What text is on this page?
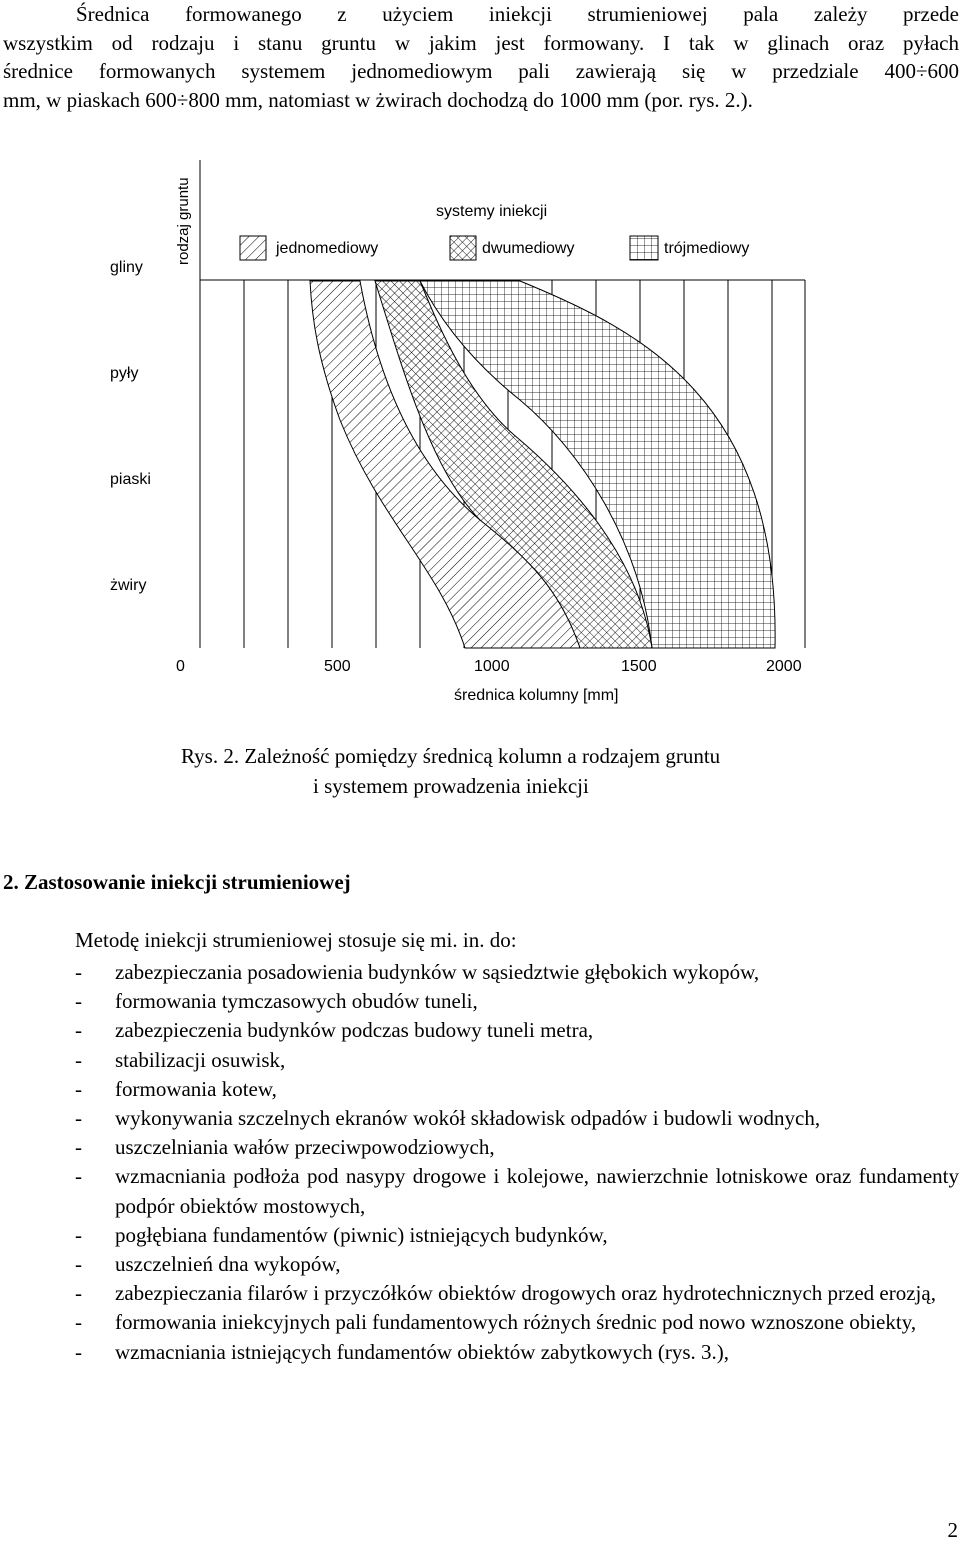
Średnica formowanego z użyciem iniekcji strumieniowej pala zależy przede
wszystkim od rodzaju i stanu gruntu w jakim jest formowany. I tak w glinach oraz pyłach
średnice formowanych systemem jednomediowym pali zawierają się w przedziale 400÷600
mm, w piaskach 600÷800 mm, natomiast w żwirach dochodzą do 1000 mm (por. rys. 2.).
rodzaj gruntu
gliny
pyły
piaski
żwiry
systemy iniekcji
jednomediowy	dwumediowy	trójmediowy
0	500	1000	1500	2000
średnica kolumny [mm]
Rys. 2. Zależność pomiędzy średnicą kolumn a rodzajem gruntu
i systemem prowadzenia iniekcji
2. Zastosowanie iniekcji strumieniowej
Metodę iniekcji strumieniowej stosuje się mi. in. do:
- zabezpieczania posadowienia budynków w sąsiedztwie głębokich wykopów,
- formowania tymczasowych obudów tuneli,
- zabezpieczenia budynków podczas budowy tuneli metra,
- stabilizacji osuwisk,
- formowania kotew,
- wykonywania szczelnych ekranów wokół składowisk odpadów i budowli wodnych,
- uszczelniania wałów przeciwpowodziowych,
- wzmacniania podłoża pod nasypy drogowe i kolejowe, nawierzchnie lotniskowe oraz fundamenty podpór obiektów mostowych,
- pogłębiana fundamentów (piwnic) istniejących budynków,
- uszczelnień dna wykopów,
- zabezpieczania filarów i przyczółków obiektów drogowych oraz hydrotechnicznych przed erozją,
- formowania iniekcyjnych pali fundamentowych różnych średnic pod nowo wznoszone obiekty,
- wzmacniania istniejących fundamentów obiektów zabytkowych (rys. 3.),
2
